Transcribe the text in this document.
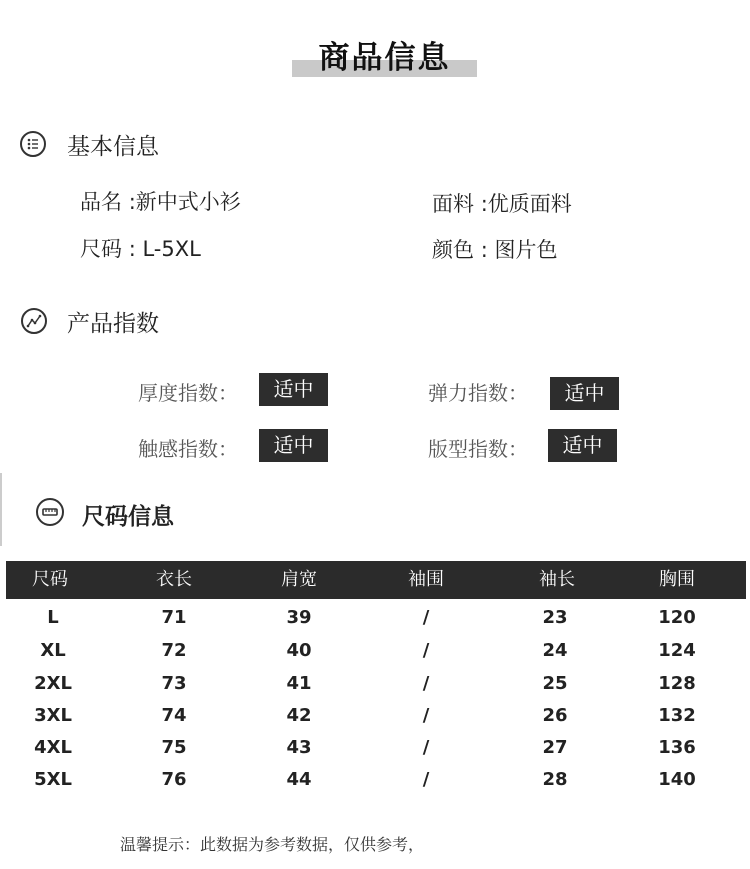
商品信息
基本信息
品名 :新中式小衫	面料 :优质面料
尺码 : L-5XL	颜色 : 图片色
产品指数
厚度指数：	适中	弹力指数：	适中
触感指数：	适中	版型指数：	适中
尺码信息
尺码	衣长	肩宽	袖围	袖长	胸围
L	71	39	/	23	120
XL	72	40	/	24	124
2XL	73	41	/	25	128
3XL	74	42	/	26	132
4XL	75	43	/	27	136
5XL	76	44	/	28	140
温馨提示：此数据为参考数据，仅供参考，
